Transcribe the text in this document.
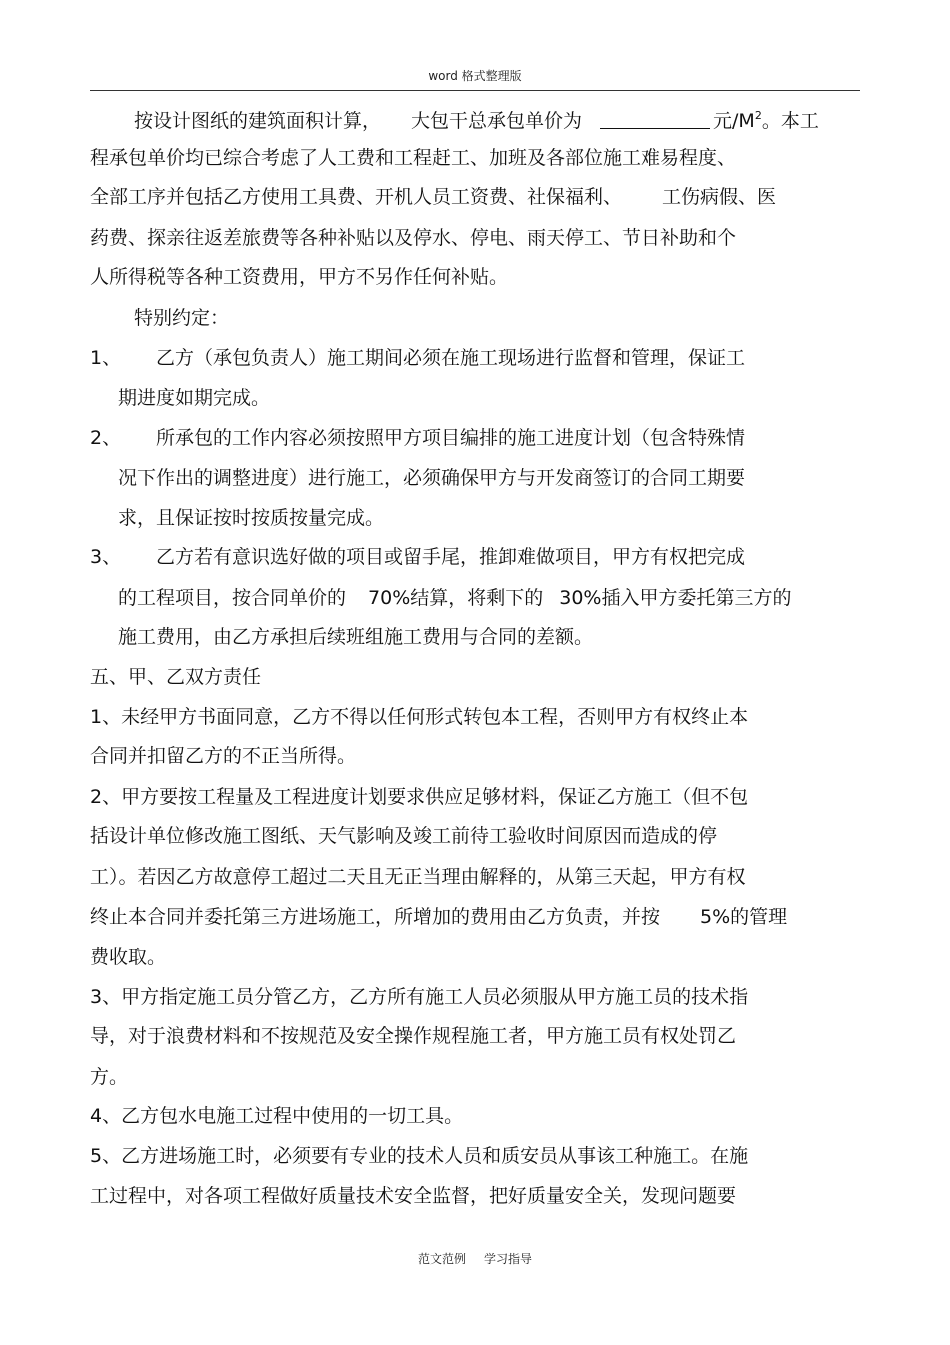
word 格式整理版
按设计图纸的建筑面积计算， 大包干总承包单价为	元$/M^2$。本工
程承包单价均已综合考虑了人工费和工程赶工、加班及各部位施工难易程度、
全部工序并包括乙方使用工具费、开机人员工资费、社保福利、 工伤病假、医
药费、探亲往返差旅费等各种补贴以及停水、停电、雨天停工、节日补助和个
人所得税等各种工资费用，甲方不另作任何补贴。
特别约定：
1、 乙方（承包负责人）施工期间必须在施工现场进行监督和管理，保证工
期进度如期完成。
2、 所承包的工作内容必须按照甲方项目编排的施工进度计划（包含特殊情
况下作出的调整进度）进行施工，必须确保甲方与开发商签订的合同工期要
求，且保证按时按质按量完成。
3、 乙方若有意识选好做的项目或留手尾，推卸难做项目，甲方有权把完成
的工程项目，按合同单价的 70%结算，将剩下的 30%插入甲方委托第三方的
施工费用，由乙方承担后续班组施工费用与合同的差额。
五、甲、乙双方责任
1、未经甲方书面同意，乙方不得以任何形式转包本工程，否则甲方有权终止本
合同并扣留乙方的不正当所得。
2、甲方要按工程量及工程进度计划要求供应足够材料，保证乙方施工（但不包
括设计单位修改施工图纸、天气影响及竣工前待工验收时间原因而造成的停
工）。若因乙方故意停工超过二天且无正当理由解释的，从第三天起，甲方有权
终止本合同并委托第三方进场施工，所增加的费用由乙方负责，并按 5%的管理
费收取。
3、甲方指定施工员分管乙方，乙方所有施工人员必须服从甲方施工员的技术指
导，对于浪费材料和不按规范及安全操作规程施工者，甲方施工员有权处罚乙
方。
4、乙方包水电施工过程中使用的一切工具。
5、乙方进场施工时，必须要有专业的技术人员和质安员从事该工种施工。在施
工过程中，对各项工程做好质量技术安全监督，把好质量安全关，发现问题要
范文范例 学习指导
